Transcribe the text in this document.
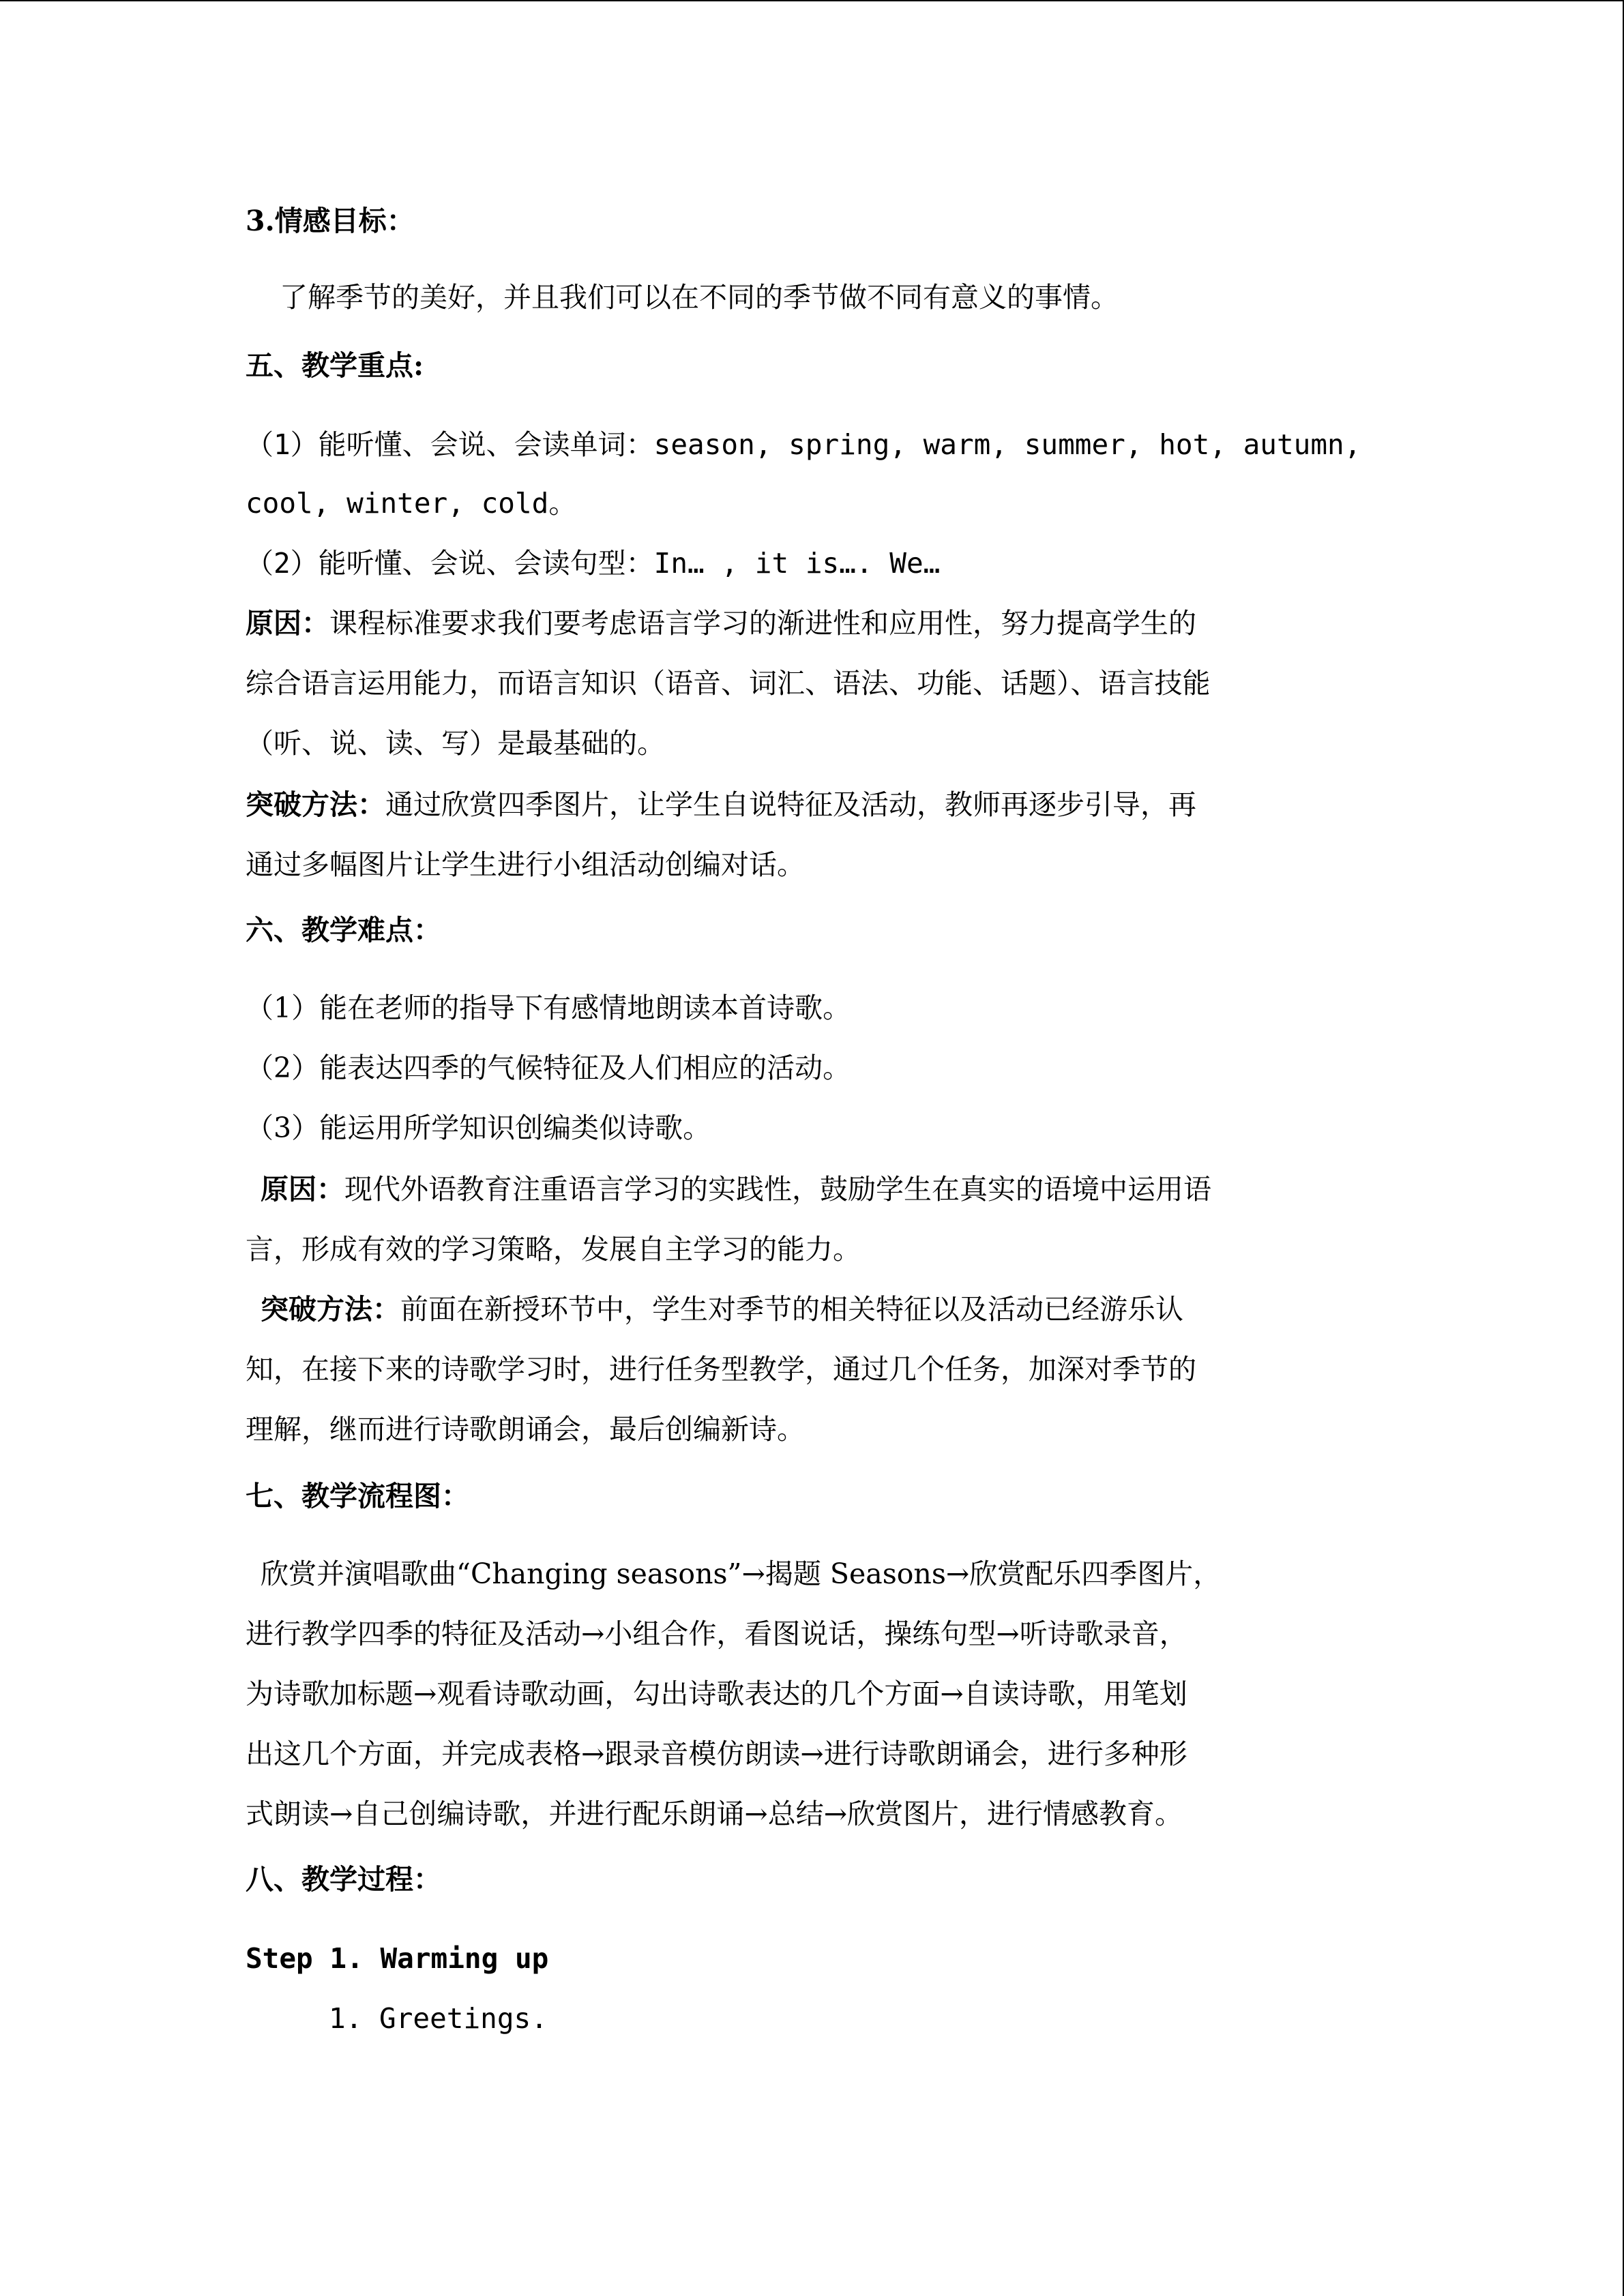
3.情感目标：
了解季节的美好，并且我们可以在不同的季节做不同有意义的事情。
五、教学重点:
（1）能听懂、会说、会读单词：season, spring, warm, summer, hot, autumn,
cool, winter, cold。
（2）能听懂、会说、会读句型：In… , it is…. We…
原因：课程标准要求我们要考虑语言学习的渐进性和应用性，努力提高学生的
综合语言运用能力，而语言知识（语音、词汇、语法、功能、话题）、语言技能
（听、说、读、写）是最基础的。
突破方法：通过欣赏四季图片，让学生自说特征及活动，教师再逐步引导，再
通过多幅图片让学生进行小组活动创编对话。
六、教学难点：
（1）能在老师的指导下有感情地朗读本首诗歌。
（2）能表达四季的气候特征及人们相应的活动。
（3）能运用所学知识创编类似诗歌。
原因：现代外语教育注重语言学习的实践性，鼓励学生在真实的语境中运用语
言，形成有效的学习策略，发展自主学习的能力。
突破方法：前面在新授环节中，学生对季节的相关特征以及活动已经游乐认
知，在接下来的诗歌学习时，进行任务型教学，通过几个任务，加深对季节的
理解，继而进行诗歌朗诵会，最后创编新诗。
七、教学流程图：
欣赏并演唱歌曲“Changing seasons”→揭题 Seasons→欣赏配乐四季图片，
进行教学四季的特征及活动→小组合作，看图说话，操练句型→听诗歌录音，
为诗歌加标题→观看诗歌动画，勾出诗歌表达的几个方面→自读诗歌，用笔划
出这几个方面，并完成表格→跟录音模仿朗读→进行诗歌朗诵会，进行多种形
式朗读→自己创编诗歌，并进行配乐朗诵→总结→欣赏图片，进行情感教育。
八、教学过程：
Step 1. Warming up
1. Greetings.
